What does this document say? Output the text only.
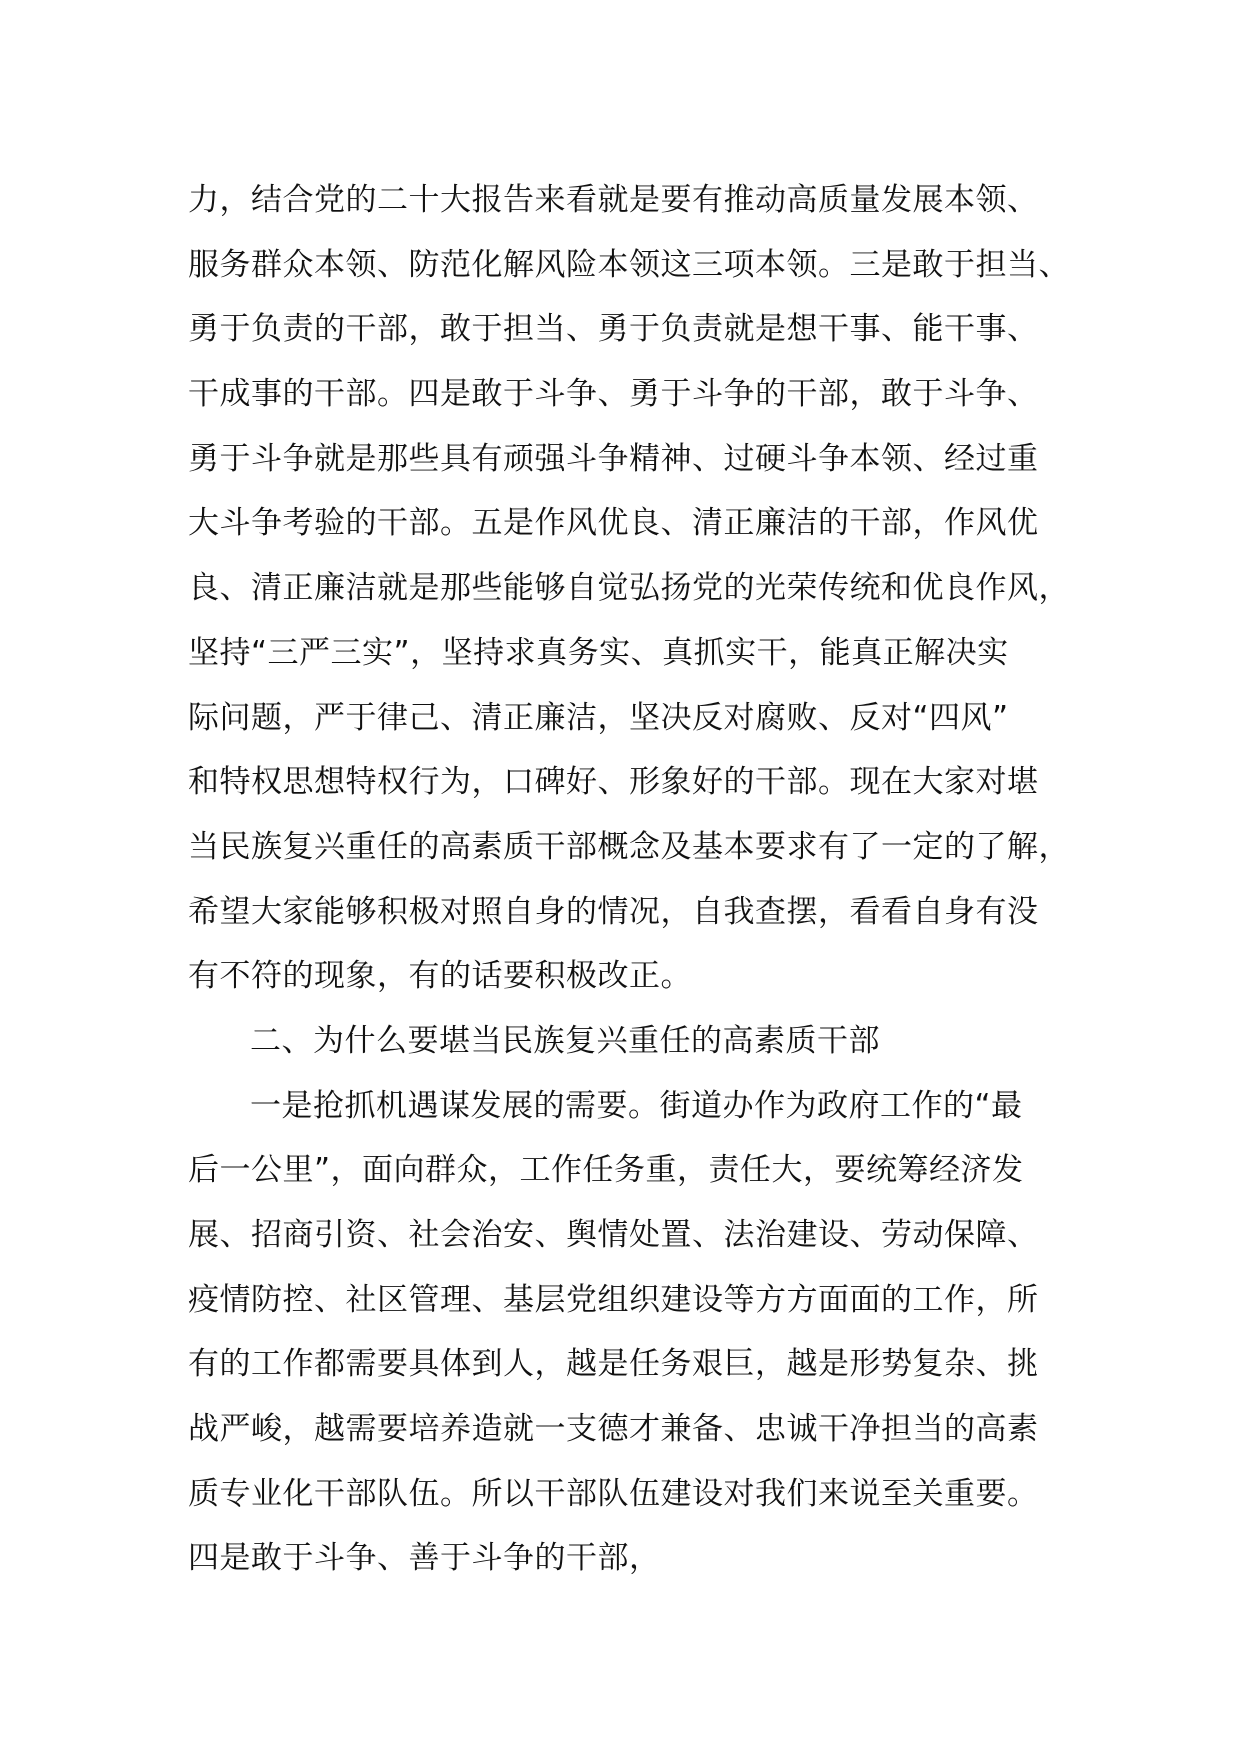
力，结合党的二十大报告来看就是要有推动高质量发展本领、
服务群众本领、防范化解风险本领这三项本领。三是敢于担当、
勇于负责的干部，敢于担当、勇于负责就是想干事、能干事、
干成事的干部。四是敢于斗争、勇于斗争的干部，敢于斗争、
勇于斗争就是那些具有顽强斗争精神、过硬斗争本领、经过重
大斗争考验的干部。五是作风优良、清正廉洁的干部，作风优
良、清正廉洁就是那些能够自觉弘扬党的光荣传统和优良作风，
坚持“三严三实”，坚持求真务实、真抓实干，能真正解决实
际问题，严于律己、清正廉洁，坚决反对腐败、反对“四风”
和特权思想特权行为，口碑好、形象好的干部。现在大家对堪
当民族复兴重任的高素质干部概念及基本要求有了一定的了解，
希望大家能够积极对照自身的情况，自我查摆，看看自身有没
有不符的现象，有的话要积极改正。
二、为什么要堪当民族复兴重任的高素质干部
一是抢抓机遇谋发展的需要。街道办作为政府工作的“最
后一公里”，面向群众，工作任务重，责任大，要统筹经济发
展、招商引资、社会治安、舆情处置、法治建设、劳动保障、
疫情防控、社区管理、基层党组织建设等方方面面的工作，所
有的工作都需要具体到人，越是任务艰巨，越是形势复杂、挑
战严峻，越需要培养造就一支德才兼备、忠诚干净担当的高素
质专业化干部队伍。所以干部队伍建设对我们来说至关重要。
四是敢于斗争、善于斗争的干部，
